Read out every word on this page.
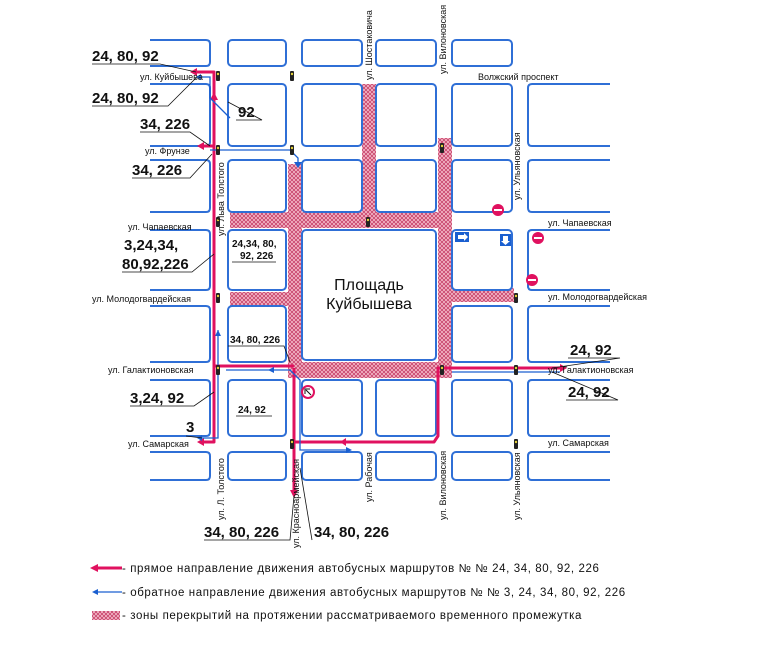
Площадь
Куйбышева
ул. Куйбышева
ул. Фрунзе
ул. Чапаевская	ул. Чапаевская
ул. Молодогвардейская	ул. Молодогвардейская
ул. Галактионовская	ул. Галактионовская
ул. Самарская	ул. Самарская
Волжский проспект
ул. Шостаковича	ул. Вилоновская
ул. Ульяновская
ул. Льва Толстого
ул. Л. Толстого	ул. Красноармейская	ул. Рабочая	ул. Вилоновская	ул. Ульяновская
24, 80, 92
24, 80, 92
92
34, 226
34, 226
3,24,34,
80,92,226
24,34, 80,
92, 226
34, 80, 226
3,24, 92
3
24, 92
24, 92
24, 92
34, 80, 226 34, 80, 226
- прямое направление движения автобусных маршрутов № № 24, 34, 80, 92, 226
- обратное направление движения автобусных маршрутов № № 3, 24, 34, 80, 92, 226
- зоны перекрытий на протяжении рассматриваемого временного промежутка
